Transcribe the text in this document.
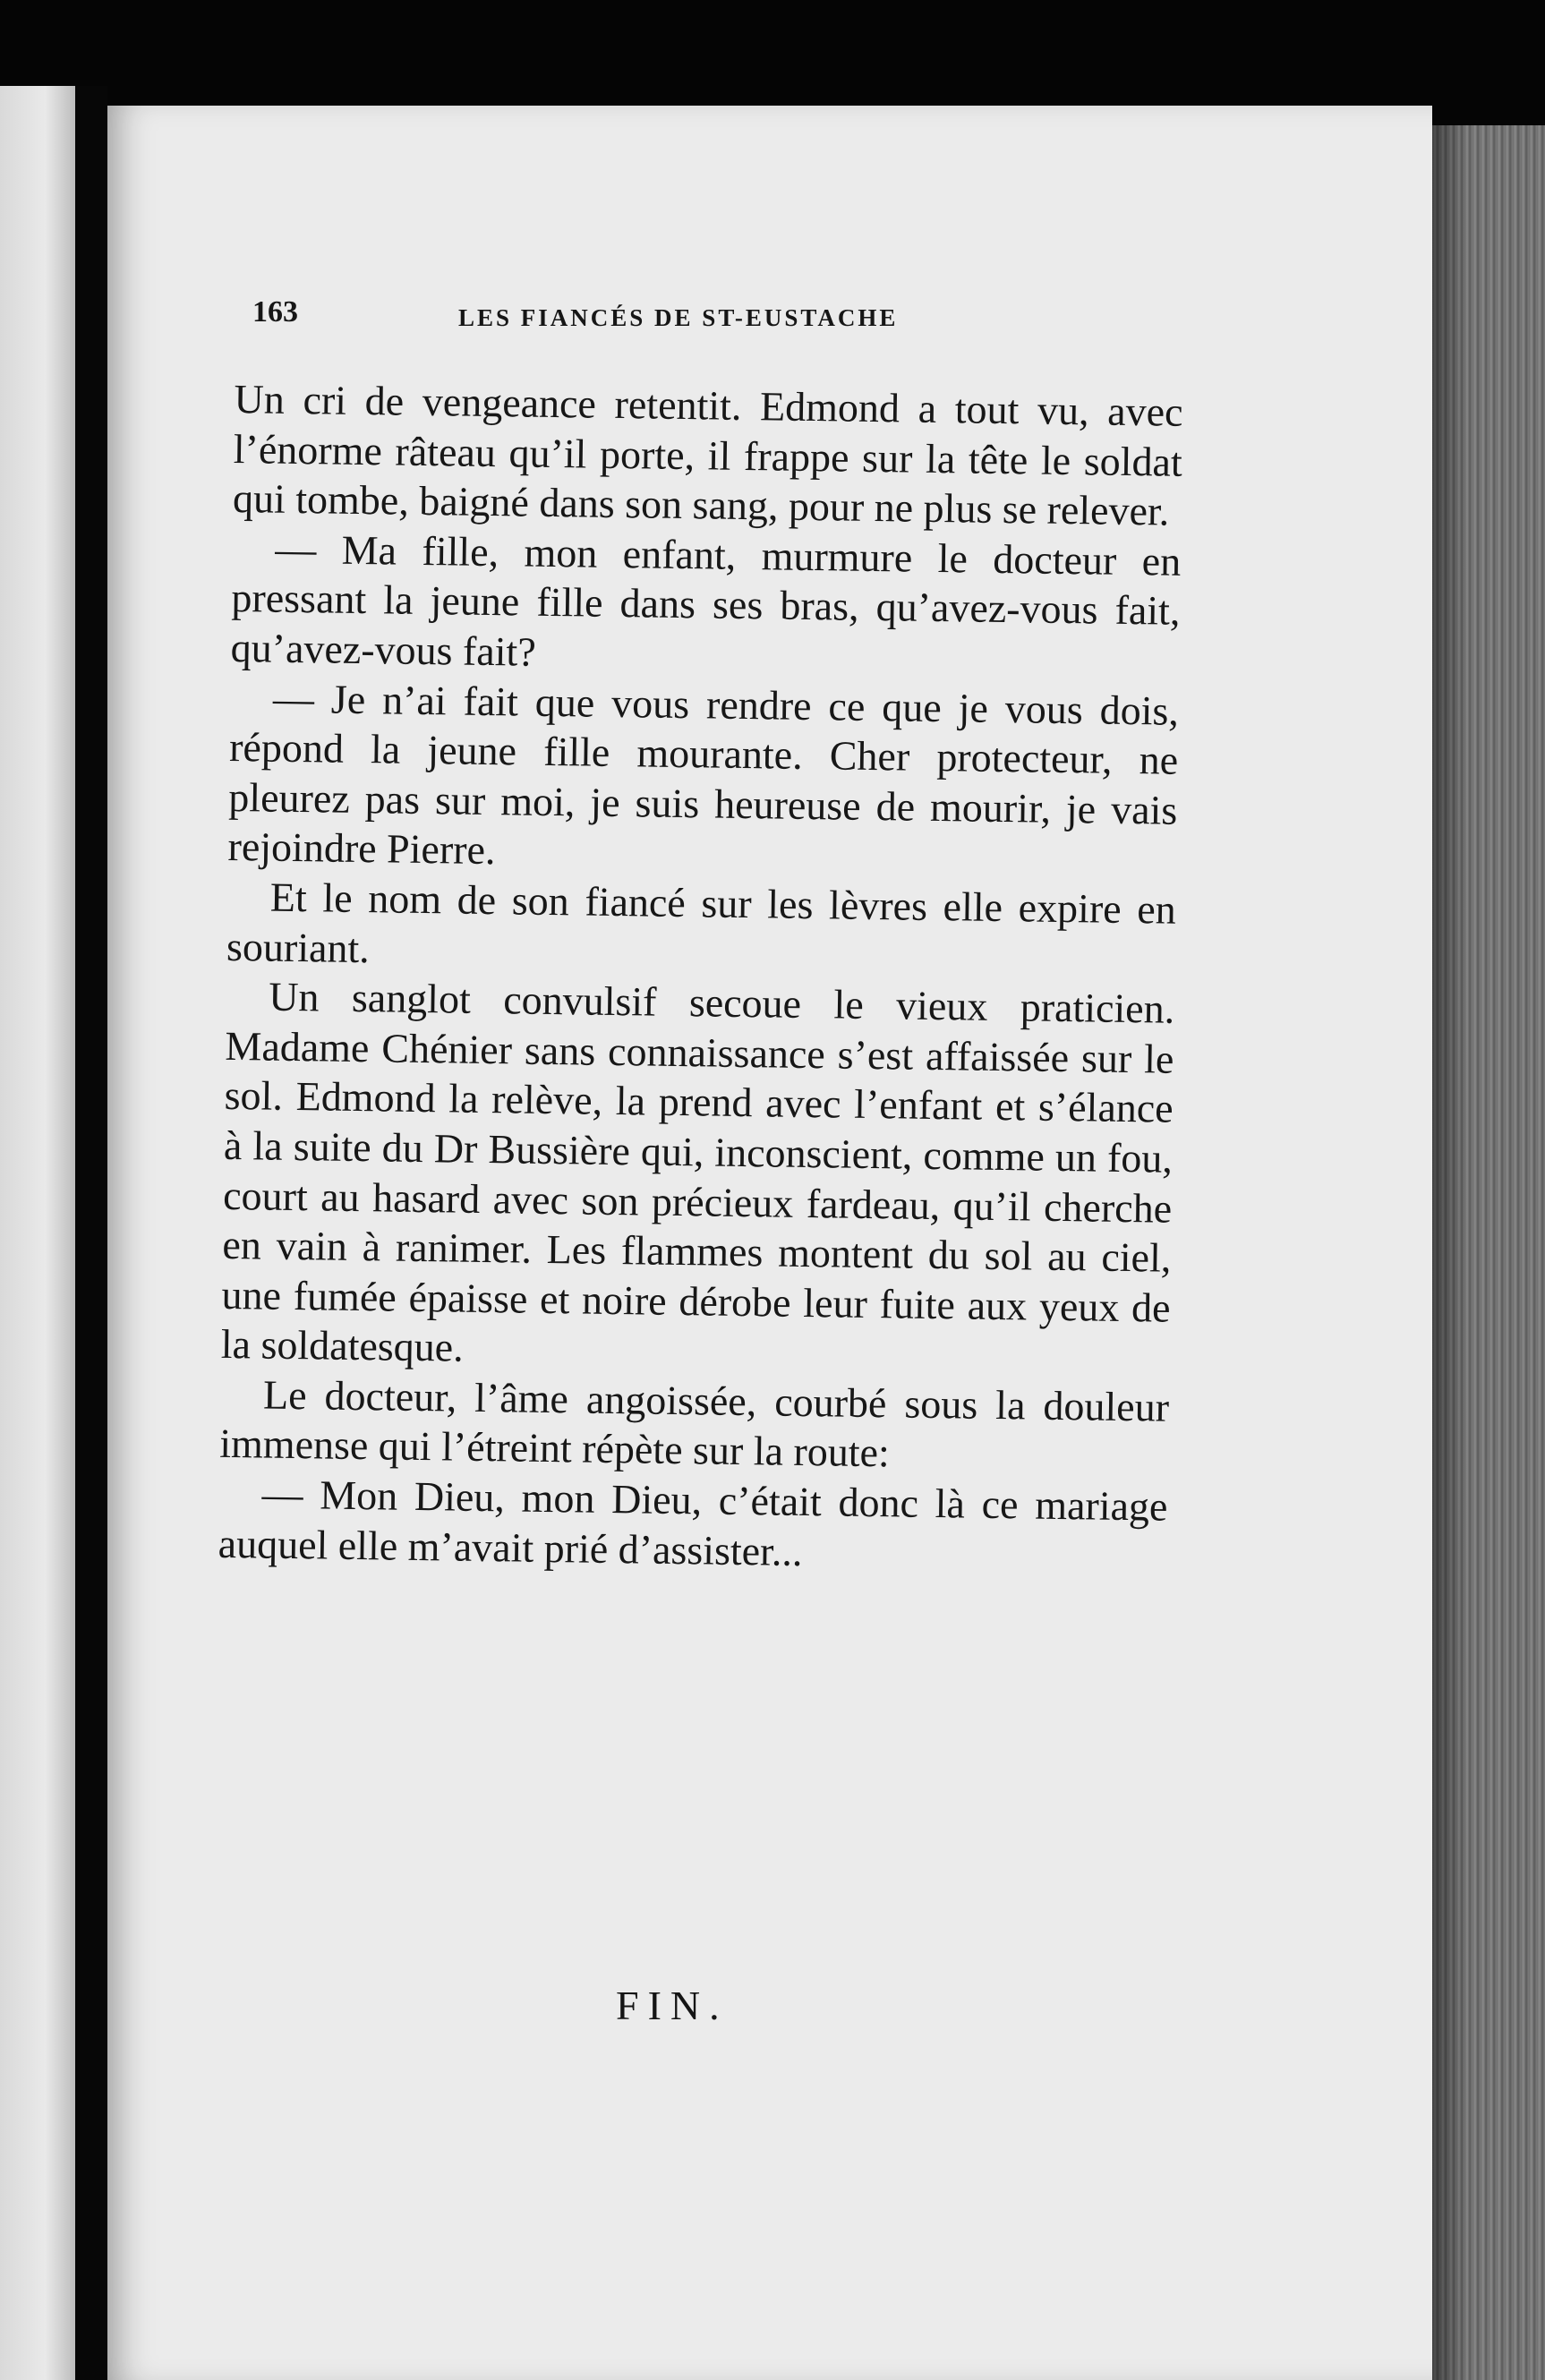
163	LES FIANCÉS DE ST-EUSTACHE

Un cri de vengeance retentit. Edmond a tout vu, avec l’énorme râteau qu’il porte, il frappe sur la tête le soldat qui tombe, baigné dans son sang, pour ne plus se relever.

— Ma fille, mon enfant, murmure le docteur en pressant la jeune fille dans ses bras, qu’avez-vous fait, qu’avez-vous fait?

— Je n’ai fait que vous rendre ce que je vous dois, répond la jeune fille mourante. Cher protecteur, ne pleurez pas sur moi, je suis heureuse de mourir, je vais rejoindre Pierre.

Et le nom de son fiancé sur les lèvres elle expire en souriant.

Un sanglot convulsif secoue le vieux praticien. Madame Chénier sans connaissance s’est affaissée sur le sol. Edmond la relève, la prend avec l’enfant et s’élance à la suite du Dr Bussière qui, inconscient, comme un fou, court au hasard avec son précieux fardeau, qu’il cherche en vain à ranimer. Les flammes montent du sol au ciel, une fumée épaisse et noire dérobe leur fuite aux yeux de la soldatesque.

Le docteur, l’âme angoissée, courbé sous la douleur immense qui l’étreint répète sur la route:

— Mon Dieu, mon Dieu, c’était donc là ce mariage auquel elle m’avait prié d’assister...

FIN.
